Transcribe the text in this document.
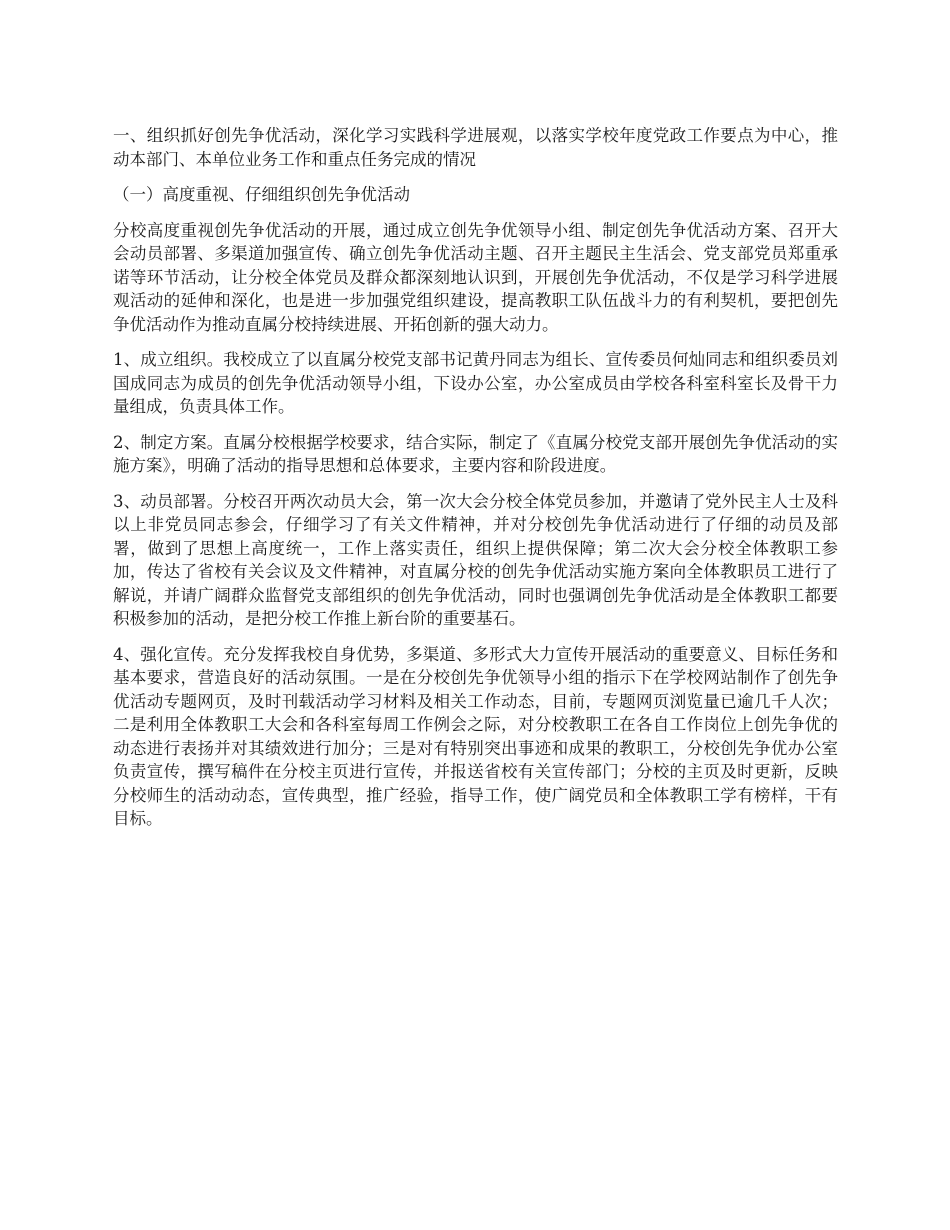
一、组织抓好创先争优活动，深化学习实践科学进展观，以落实学校年度党政工作要点为中心，推动本部门、本单位业务工作和重点任务完成的情况

（一）高度重视、仔细组织创先争优活动

分校高度重视创先争优活动的开展，通过成立创先争优领导小组、制定创先争优活动方案、召开大会动员部署、多渠道加强宣传、确立创先争优活动主题、召开主题民主生活会、党支部党员郑重承诺等环节活动，让分校全体党员及群众都深刻地认识到，开展创先争优活动，不仅是学习科学进展观活动的延伸和深化，也是进一步加强党组织建设，提高教职工队伍战斗力的有利契机，要把创先争优活动作为推动直属分校持续进展、开拓创新的强大动力。

1、成立组织。我校成立了以直属分校党支部书记黄丹同志为组长、宣传委员何灿同志和组织委员刘国成同志为成员的创先争优活动领导小组，下设办公室，办公室成员由学校各科室科室长及骨干力量组成，负责具体工作。

2、制定方案。直属分校根据学校要求，结合实际，制定了《直属分校党支部开展创先争优活动的实施方案》，明确了活动的指导思想和总体要求，主要内容和阶段进度。

3、动员部署。分校召开两次动员大会，第一次大会分校全体党员参加，并邀请了党外民主人士及科以上非党员同志参会，仔细学习了有关文件精神，并对分校创先争优活动进行了仔细的动员及部署，做到了思想上高度统一，工作上落实责任，组织上提供保障；第二次大会分校全体教职工参加，传达了省校有关会议及文件精神，对直属分校的创先争优活动实施方案向全体教职员工进行了解说，并请广阔群众监督党支部组织的创先争优活动，同时也强调创先争优活动是全体教职工都要积极参加的活动，是把分校工作推上新台阶的重要基石。

4、强化宣传。充分发挥我校自身优势，多渠道、多形式大力宣传开展活动的重要意义、目标任务和基本要求，营造良好的活动氛围。一是在分校创先争优领导小组的指示下在学校网站制作了创先争优活动专题网页，及时刊载活动学习材料及相关工作动态，目前，专题网页浏览量已逾几千人次；二是利用全体教职工大会和各科室每周工作例会之际，对分校教职工在各自工作岗位上创先争优的动态进行表扬并对其绩效进行加分；三是对有特别突出事迹和成果的教职工，分校创先争优办公室负责宣传，撰写稿件在分校主页进行宣传，并报送省校有关宣传部门；分校的主页及时更新，反映分校师生的活动动态，宣传典型，推广经验，指导工作，使广阔党员和全体教职工学有榜样，干有目标。
